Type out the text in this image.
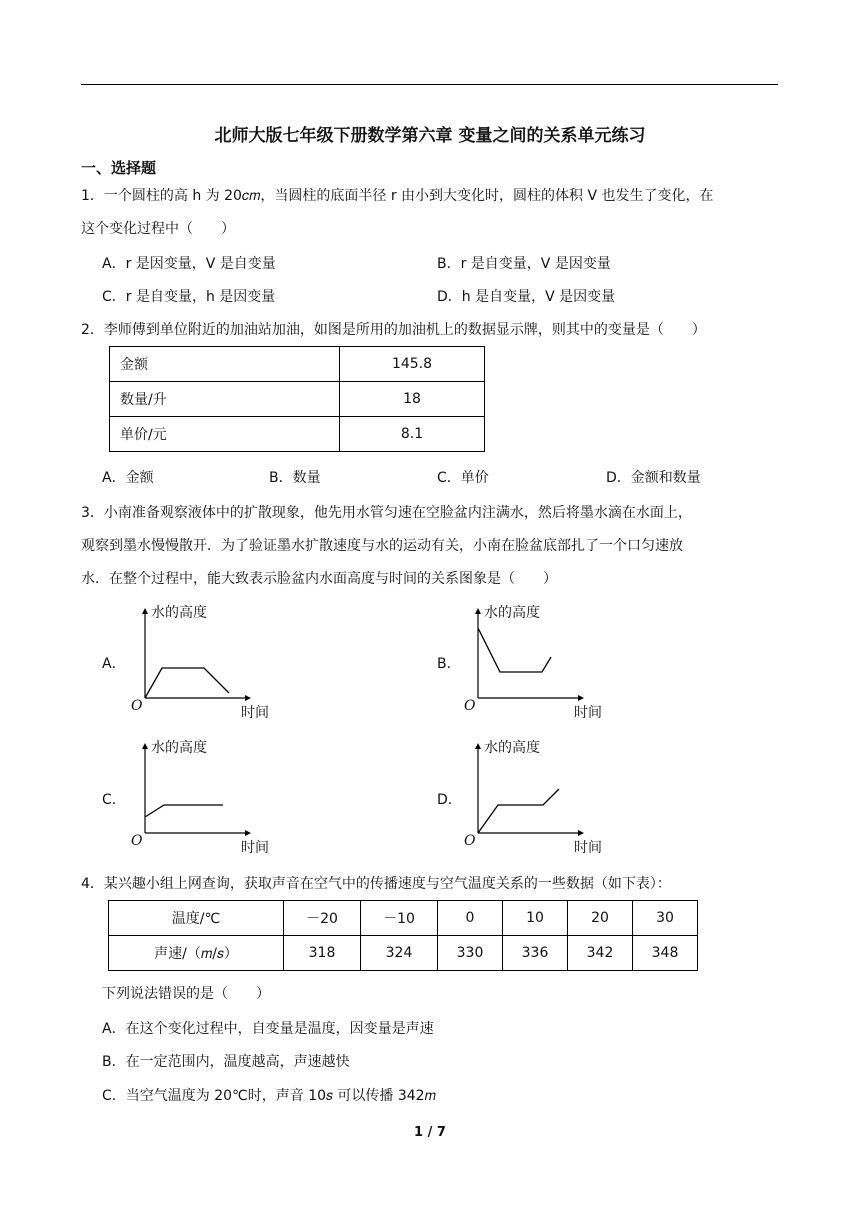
北师大版七年级下册数学第六章 变量之间的关系单元练习
一、选择题
1．一个圆柱的高 h 为 20𝑐𝑚，当圆柱的底面半径 r 由小到大变化时，圆柱的体积 V 也发生了变化，在
这个变化过程中（　　）
A．r 是因变量，V 是自变量	B．r 是自变量，V 是因变量
C．r 是自变量，h 是因变量	D．h 是自变量，V 是因变量
2．李师傅到单位附近的加油站加油，如图是所用的加油机上的数据显示牌，则其中的变量是（　　）
金额	145.8
数量/升	18
单价/元	8.1
A．金额	B．数量	C．单价	D．金额和数量
3．小南准备观察液体中的扩散现象，他先用水管匀速在空脸盆内注满水，然后将墨水滴在水面上，
观察到墨水慢慢散开．为了验证墨水扩散速度与水的运动有关，小南在脸盆底部扎了一个口匀速放
水．在整个过程中，能大致表示脸盆内水面高度与时间的关系图象是（　　）
A．
水的高度
时间
O
B．
水的高度
时间
O
C．
水的高度
时间
O
D．
水的高度
时间
O
4．某兴趣小组上网查询，获取声音在空气中的传播速度与空气温度关系的一些数据（如下表）：
温度/℃	－20	－10	0	10	20	30
声速/（𝑚/𝑠）	318	324	330	336	342	348
下列说法错误的是（　　）
A．在这个变化过程中，自变量是温度，因变量是声速
B．在一定范围内，温度越高，声速越快
C．当空气温度为 20℃时，声音 10𝑠 可以传播 342𝑚
1 / 7
